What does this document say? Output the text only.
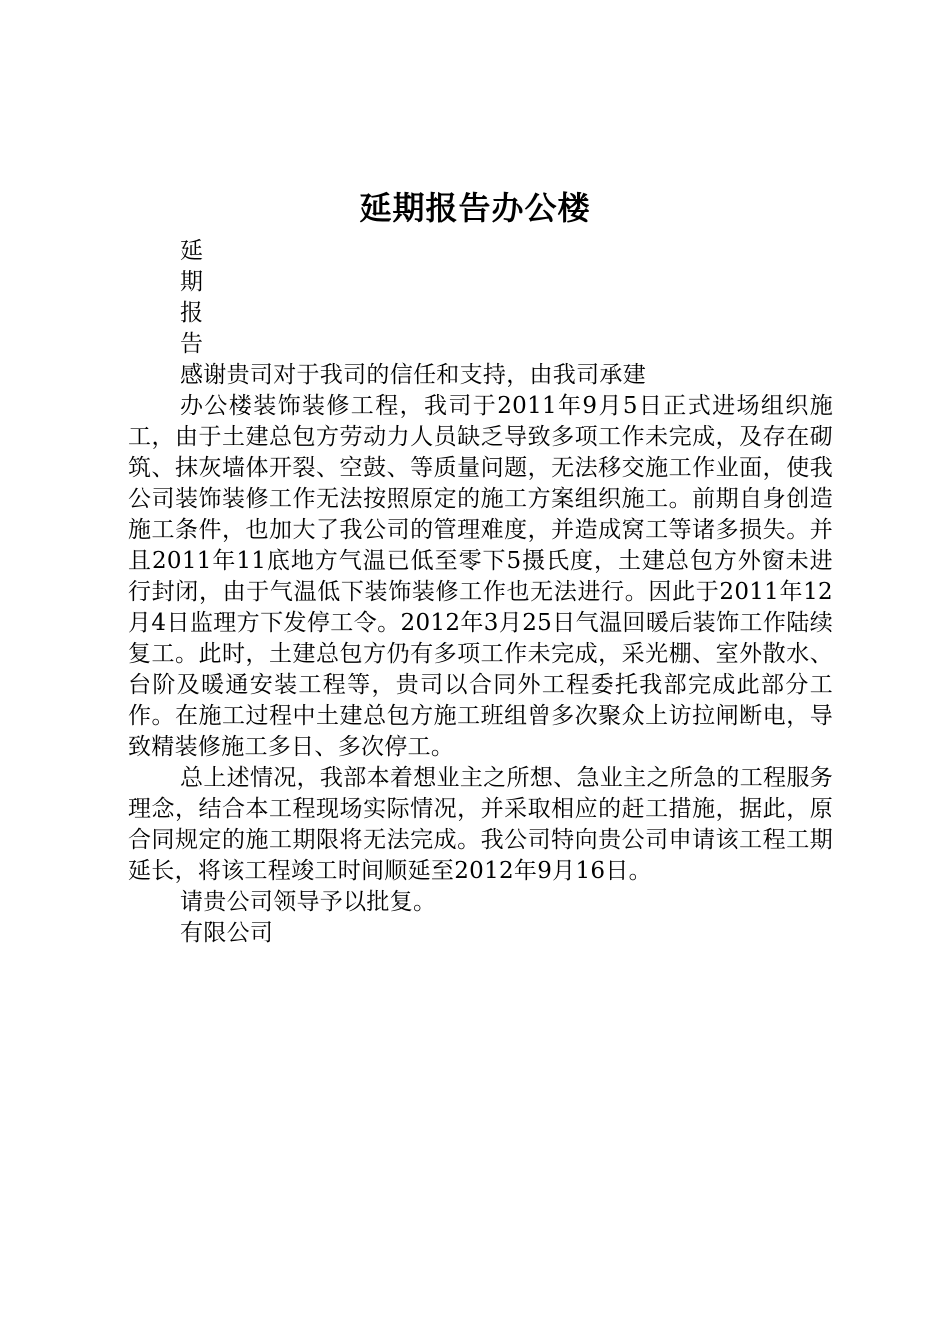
延期报告办公楼
延
期
报
告

感谢贵司对于我司的信任和支持，由我司承建

办公楼装饰装修工程，我司于2011年9月5日正式进场组织施工，由于土建总包方劳动力人员缺乏导致多项工作未完成，及存在砌筑、抹灰墙体开裂、空鼓、等质量问题，无法移交施工作业面，使我公司装饰装修工作无法按照原定的施工方案组织施工。前期自身创造施工条件，也加大了我公司的管理难度，并造成窝工等诸多损失。并且2011年11底地方气温已低至零下5摄氏度，土建总包方外窗未进行封闭，由于气温低下装饰装修工作也无法进行。因此于2011年12月4日监理方下发停工令。2012年3月25日气温回暖后装饰工作陆续复工。此时，土建总包方仍有多项工作未完成，采光棚、室外散水、台阶及暖通安装工程等，贵司以合同外工程委托我部完成此部分工作。在施工过程中土建总包方施工班组曾多次聚众上访拉闸断电，导致精装修施工多日、多次停工。

总上述情况，我部本着想业主之所想、急业主之所急的工程服务理念，结合本工程现场实际情况，并采取相应的赶工措施，据此，原合同规定的施工期限将无法完成。我公司特向贵公司申请该工程工期延长，将该工程竣工时间顺延至2012年9月16日。

请贵公司领导予以批复。

有限公司
